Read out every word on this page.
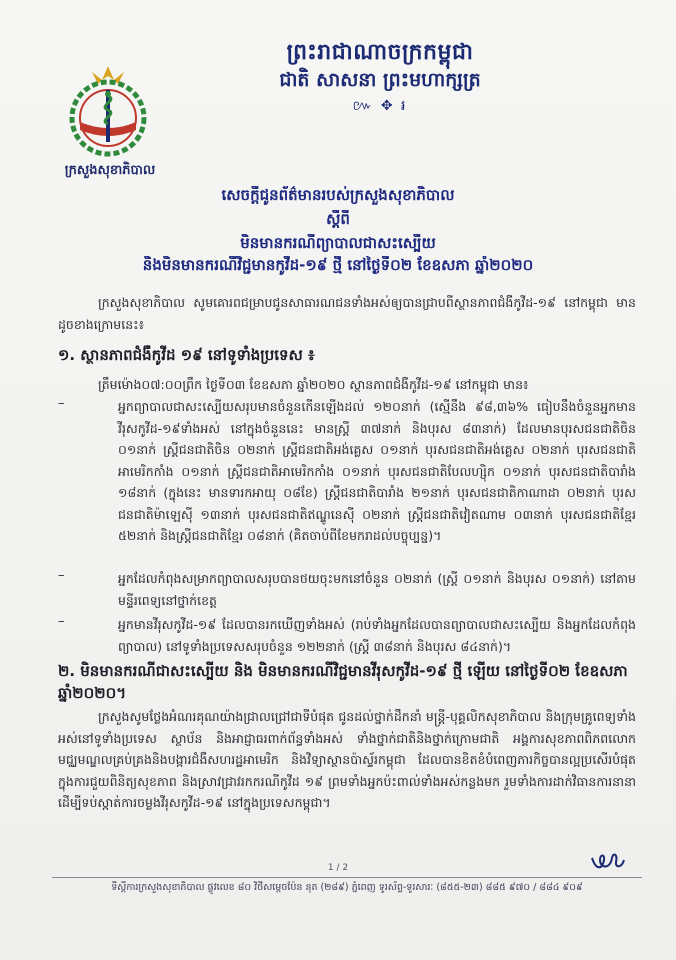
ក្រសួងសុខាភិបាល
ព្រះរាជាណាចក្រកម្ពុជា
ជាតិ សាសនា ព្រះមហាក្សត្រ
៚ ✥ ៛
សេចក្តីជូនព័ត៌មានរបស់ក្រសួងសុខាភិបាល
ស្តីពី
មិនមានករណីព្យាបាលជាសះស្បើយ
និងមិនមានករណីវិជ្ជមានកូវីដ-១៩ ថ្មី នៅថ្ងៃទី០២ ខែឧសភា ឆ្នាំ២០២០
ក្រសួងសុខាភិបាល សូមគោរពជម្រាបជូនសាធារណជនទាំងអស់ឲ្យបានជ្រាបពីស្ថានភាពជំងឺកូវីដ-១៩ នៅកម្ពុជា មានដូចខាងក្រោមនេះ៖
១. ស្ថានភាពជំងឺកូវីដ ១៩ នៅទូទាំងប្រទេស ៖
ត្រឹមម៉ោង០៧:០០ព្រឹក ថ្ងៃទី០៣ ខែឧសភា ឆ្នាំ២០២០ ស្ថានភាពជំងឺកូវីដ-១៩ នៅកម្ពុជា មាន៖
–	អ្នកព្យាបាលជាសះស្បើយសរុបមានចំនួនកើនឡើងដល់ ១២០នាក់ (ស្មើនឹង ៩៨,៣៦% ធៀបនឹងចំនួនអ្នកមានវីរុសកូវីដ-១៩ទាំងអស់ នៅក្នុងចំនួននេះ មានស្រ្តី ៣៧នាក់ និងបុរស ៨៣នាក់) ដែលមានបុរសជនជាតិចិន ០១នាក់ ស្ត្រីជនជាតិចិន ០២នាក់ ស្ត្រីជនជាតិអង់គ្លេស ០១នាក់ បុរសជនជាតិអង់គ្លេស ០២នាក់ បុរសជនជាតិអាមេរិកកាំង ០១នាក់ ស្ត្រីជនជាតិអាមេរិកកាំង ០១នាក់ បុរសជនជាតិបែលហ្ស៊ិក ០១នាក់ បុរសជនជាតិបារាំង ១៨នាក់ (ក្នុងនេះ មានទារកអាយុ ០៨ខែ) ស្ត្រីជនជាតិបារាំង ២១នាក់ បុរសជនជាតិកាណាដា ០២នាក់ បុរសជនជាតិម៉ាឡេស៊ី ១៣នាក់ បុរសជនជាតិឥណ្ឌូនេស៊ី ០២នាក់ ស្ត្រីជនជាតិវៀតណាម ០៣នាក់ បុរសជនជាតិខ្មែរ ៥២នាក់ និងស្ត្រីជនជាតិខ្មែរ ០៨នាក់ (គិតចាប់ពីខែមករាដល់បច្ចុប្បន្ន)។
–	អ្នកដែលកំពុងសម្រាកព្យាបាលសរុបបានថយចុះមកនៅចំនួន ០២នាក់ (ស្ត្រី ០១នាក់ និងបុរស ០១នាក់) នៅតាមមន្ទីរពេទ្យនៅថ្នាក់ខេត្ត
–	អ្នកមានវីរុសកូវីដ-១៩ ដែលបានរកឃើញទាំងអស់ (រាប់ទាំងអ្នកដែលបានព្យាបាលជាសះស្បើយ និងអ្នកដែលកំពុងព្យាបាល) នៅទូទាំងប្រទេសសរុបចំនួន ១២២នាក់ (ស្ត្រី ៣៨នាក់ និងបុរស ៨៤នាក់)។
២. មិនមានករណីជាសះស្បើយ និង មិនមានករណីវិជ្ជមានវីរុសកូវីដ-១៩ ថ្មី ឡើយ នៅថ្ងៃទី០២ ខែឧសភា ឆ្នាំ២០២០។
ក្រសួងសូមថ្លែងអំណរគុណយ៉ាងជ្រាលជ្រៅជាទីបំផុត ជូនដល់ថ្នាក់ដឹកនាំ មន្ត្រី-បុគ្គលិកសុខាភិបាល និងក្រុមគ្រូពេទ្យទាំងអស់នៅទូទាំងប្រទេស ស្ថាប័ន និងអាជ្ញាធរពាក់ព័ន្ធទាំងអស់ ទាំងថ្នាក់ជាតិនិងថ្នាក់ក្រោមជាតិ អង្គការសុខភាពពិភពលោក មជ្ឈមណ្ឌលគ្រប់គ្រងនិងបង្ការជំងឺសហរដ្ឋអាមេរិក និងវិទ្យាស្ថានប៉ាស្ទ័រកម្ពុជា ដែលបានខិតខំបំពេញភារកិច្ចបានល្អប្រសើរបំផុត ក្នុងការជួយពិនិត្យសុខភាព និងស្រាវជ្រាវរកករណីកូវីដ ១៩ ព្រមទាំងអ្នកប៉ះពាល់ទាំងអស់កន្លងមក រួមទាំងការដាក់វិធានការនានា ដើម្បីទប់ស្កាត់ការចម្លងវីរុសកូវីដ-១៩ នៅក្នុងប្រទេសកម្ពុជា។
1 / 2
ទីស្តីការក្រសួងសុខាភិបាល ផ្លូវលេខ ៨០ វិថីសម្តេចប៉ែន នុត (២៨៩) ភ្នំពេញ ទូរស័ព្ទ-ទូរសារៈ (៨៥៥-២៣) ៨៨៥ ៩៧០ / ៨៨៤ ៩០៩
